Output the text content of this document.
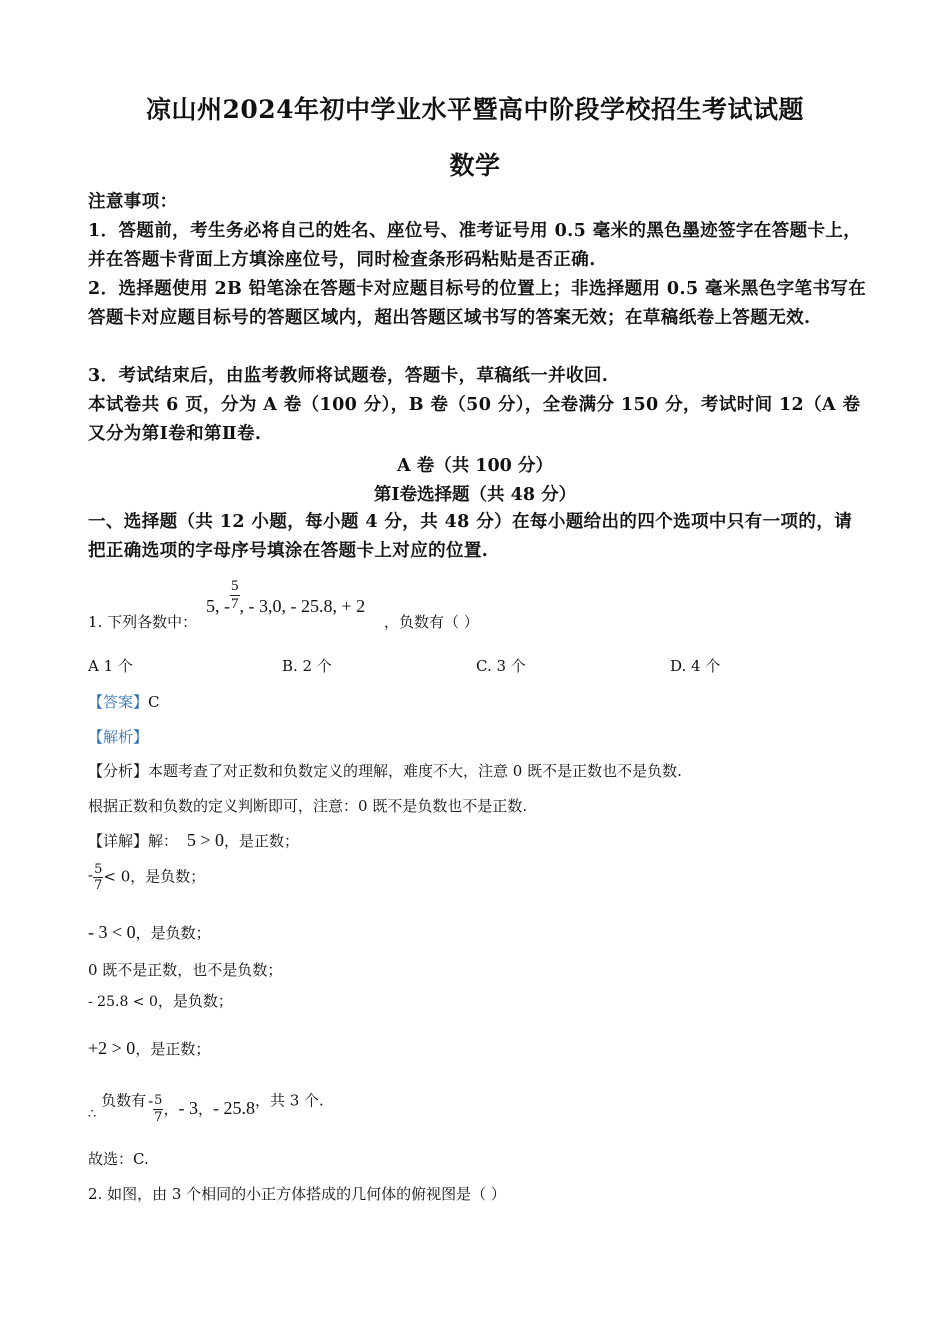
凉山州2024年初中学业水平暨高中阶段学校招生考试试题
数学
注意事项：
1．答题前，考生务必将自己的姓名、座位号、准考证号用 0.5 毫米的黑色墨迹签字在答题卡上，并在答题卡背面上方填涂座位号，同时检查条形码粘贴是否正确.
2．选择题使用 2B 铅笔涂在答题卡对应题目标号的位置上；非选择题用 0.5 毫米黑色字笔书写在答题卡对应题目标号的答题区域内，超出答题区域书写的答案无效；在草稿纸卷上答题无效.
3．考试结束后，由监考教师将试题卷，答题卡，草稿纸一并收回.
本试卷共 6 页，分为 A 卷（100 分），B 卷（50 分），全卷满分 150 分，考试时间 12（A 卷又分为第Ⅰ卷和第Ⅱ卷.
A 卷（共 100 分）
第Ⅰ卷选择题（共 48 分）
一、选择题（共 12 小题，每小题 4 分，共 48 分）在每小题给出的四个选项中只有一项的，请把正确选项的字母序号填涂在答题卡上对应的位置.
1. 下列各数中：
5, - $\frac{5}{7}$ , - 3,0, - 25.8, + 2
，负数有（ ）
A 1 个	B. 2 个	C. 3 个	D. 4 个
【答案】C
【解析】
【分析】本题考查了对正数和负数定义的理解，难度不大，注意 0 既不是正数也不是负数.
根据正数和负数的定义判断即可，注意：0 既不是负数也不是正数.
【详解】解： 5 > 0，是正数；
- $\frac{5}{7} < 0$，是负数；
- 3 < 0，是负数；
0 既不是正数，也不是负数；
- 25.8 < 0，是负数；
+2 > 0，是正数；
∴ 负数有 - $\frac{5}{7}$ ，- 3，- 25.8，共 3 个.
故选：C.
2. 如图，由 3 个相同的小正方体搭成的几何体的俯视图是（ ）
